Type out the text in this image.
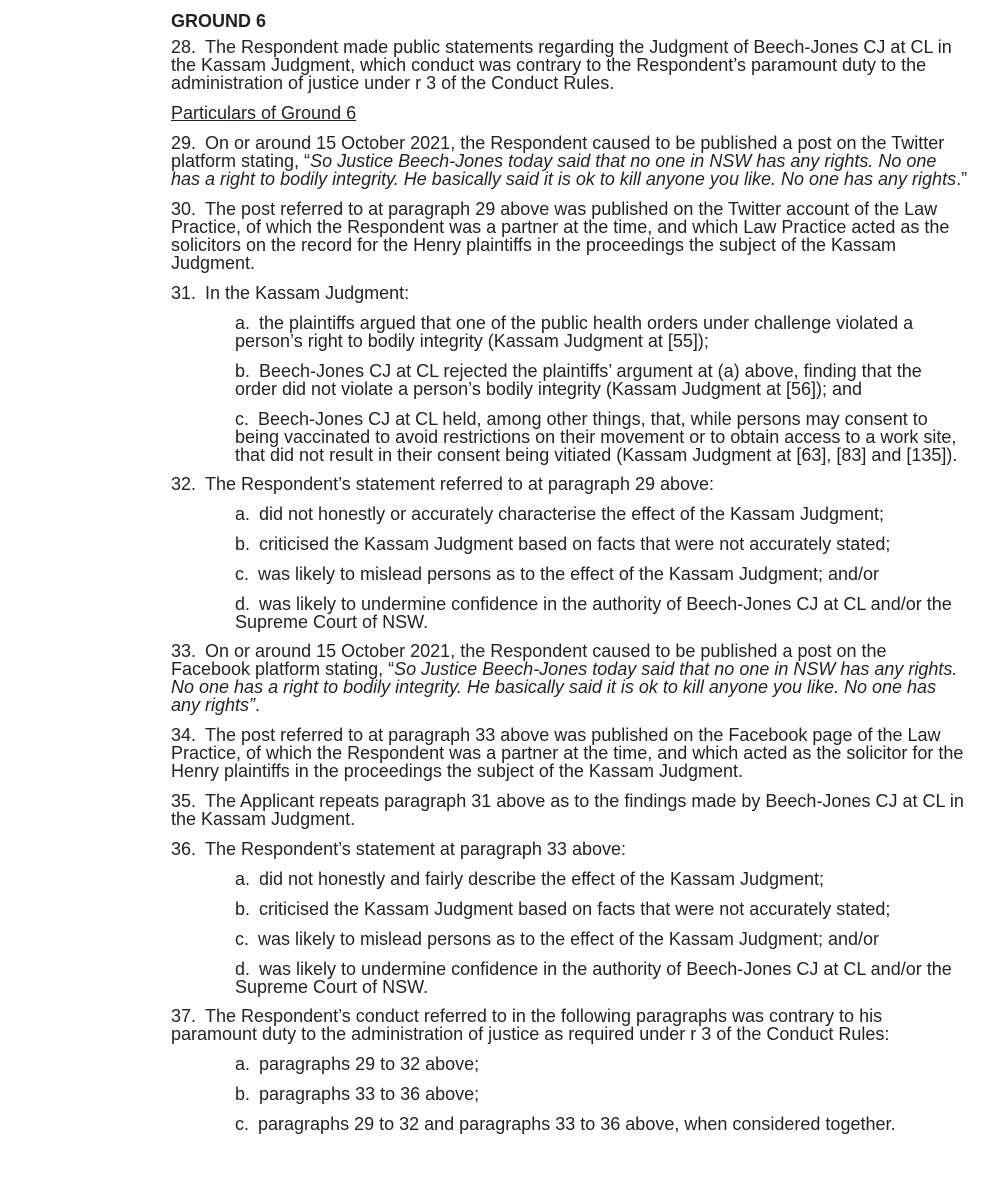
GROUND 6
28. The Respondent made public statements regarding the Judgment of Beech-Jones CJ at CL in the Kassam Judgment, which conduct was contrary to the Respondent’s paramount duty to the administration of justice under r 3 of the Conduct Rules.
Particulars of Ground 6
29. On or around 15 October 2021, the Respondent caused to be published a post on the Twitter platform stating, “So Justice Beech-Jones today said that no one in NSW has any rights. No one has a right to bodily integrity. He basically said it is ok to kill anyone you like. No one has any rights.”
30. The post referred to at paragraph 29 above was published on the Twitter account of the Law Practice, of which the Respondent was a partner at the time, and which Law Practice acted as the solicitors on the record for the Henry plaintiffs in the proceedings the subject of the Kassam Judgment.
31. In the Kassam Judgment:
a. the plaintiffs argued that one of the public health orders under challenge violated a person’s right to bodily integrity (Kassam Judgment at [55]);
b. Beech-Jones CJ at CL rejected the plaintiffs’ argument at (a) above, finding that the order did not violate a person’s bodily integrity (Kassam Judgment at [56]); and
c. Beech-Jones CJ at CL held, among other things, that, while persons may consent to being vaccinated to avoid restrictions on their movement or to obtain access to a work site, that did not result in their consent being vitiated (Kassam Judgment at [63], [83] and [135]).
32. The Respondent’s statement referred to at paragraph 29 above:
a. did not honestly or accurately characterise the effect of the Kassam Judgment;
b. criticised the Kassam Judgment based on facts that were not accurately stated;
c. was likely to mislead persons as to the effect of the Kassam Judgment; and/or
d. was likely to undermine confidence in the authority of Beech-Jones CJ at CL and/or the Supreme Court of NSW.
33. On or around 15 October 2021, the Respondent caused to be published a post on the Facebook platform stating, “So Justice Beech-Jones today said that no one in NSW has any rights. No one has a right to bodily integrity. He basically said it is ok to kill anyone you like. No one has any rights”.
34. The post referred to at paragraph 33 above was published on the Facebook page of the Law Practice, of which the Respondent was a partner at the time, and which acted as the solicitor for the Henry plaintiffs in the proceedings the subject of the Kassam Judgment.
35. The Applicant repeats paragraph 31 above as to the findings made by Beech-Jones CJ at CL in the Kassam Judgment.
36. The Respondent’s statement at paragraph 33 above:
a. did not honestly and fairly describe the effect of the Kassam Judgment;
b. criticised the Kassam Judgment based on facts that were not accurately stated;
c. was likely to mislead persons as to the effect of the Kassam Judgment; and/or
d. was likely to undermine confidence in the authority of Beech-Jones CJ at CL and/or the Supreme Court of NSW.
37. The Respondent’s conduct referred to in the following paragraphs was contrary to his paramount duty to the administration of justice as required under r 3 of the Conduct Rules:
a. paragraphs 29 to 32 above;
b. paragraphs 33 to 36 above;
c. paragraphs 29 to 32 and paragraphs 33 to 36 above, when considered together.
